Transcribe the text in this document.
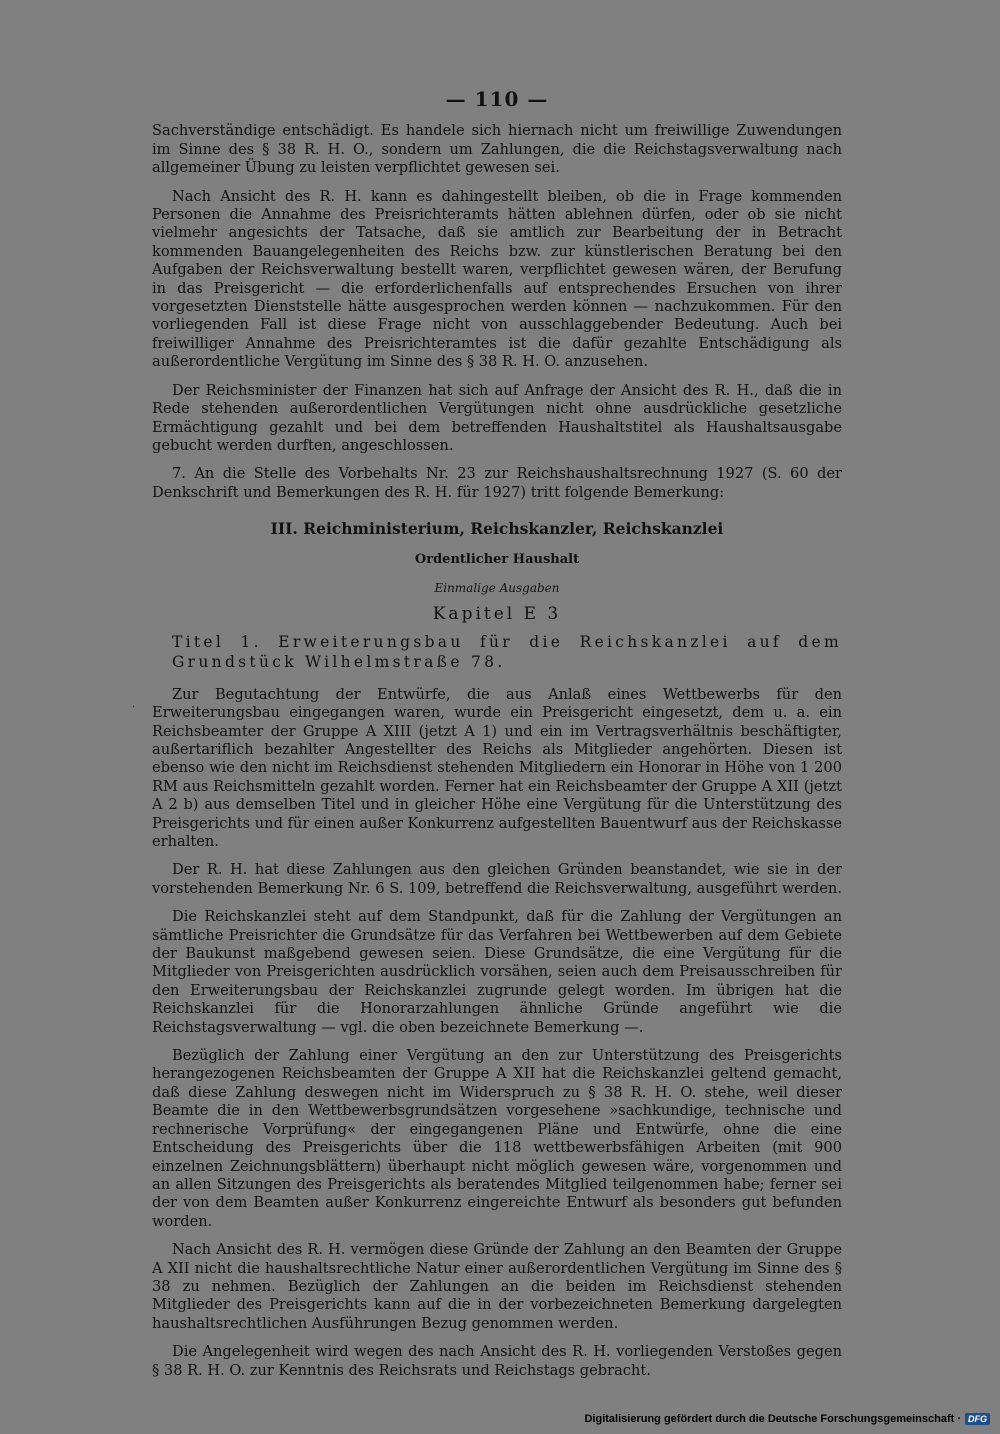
— 110 —

Sachverständige entschädigt. Es handele sich hiernach nicht um freiwillige Zuwendungen im Sinne des § 38 R. H. O., sondern um Zahlungen, die die Reichstagsverwaltung nach allgemeiner Übung zu leisten verpflichtet gewesen sei.

Nach Ansicht des R. H. kann es dahingestellt bleiben, ob die in Frage kommenden Personen die Annahme des Preisrichteramts hätten ablehnen dürfen, oder ob sie nicht vielmehr angesichts der Tatsache, daß sie amtlich zur Bearbeitung der in Betracht kommenden Bauangelegenheiten des Reichs bzw. zur künstlerischen Beratung bei den Aufgaben der Reichsverwaltung bestellt waren, verpflichtet gewesen wären, der Berufung in das Preisgericht — die erforderlichenfalls auf entsprechendes Ersuchen von ihrer vorgesetzten Dienststelle hätte ausgesprochen werden können — nachzukommen. Für den vorliegenden Fall ist diese Frage nicht von ausschlaggebender Bedeutung. Auch bei freiwilliger Annahme des Preisrichteramtes ist die dafür gezahlte Entschädigung als außerordentliche Vergütung im Sinne des § 38 R. H. O. anzusehen.

Der Reichsminister der Finanzen hat sich auf Anfrage der Ansicht des R. H., daß die in Rede stehenden außerordentlichen Vergütungen nicht ohne ausdrückliche gesetzliche Ermächtigung gezahlt und bei dem betreffenden Haushaltstitel als Haushaltsausgabe gebucht werden durften, angeschlossen.

7. An die Stelle des Vorbehalts Nr. 23 zur Reichshaushaltsrechnung 1927 (S. 60 der Denkschrift und Bemerkungen des R. H. für 1927) tritt folgende Bemerkung:

III. Reichministerium, Reichskanzler, Reichskanzlei
Ordentlicher Haushalt
Einmalige Ausgaben
Kapitel E 3

Titel 1. Erweiterungsbau für die Reichskanzlei auf dem Grundstück Wilhelmstraße 78.

Zur Begutachtung der Entwürfe, die aus Anlaß eines Wettbewerbs für den Erweiterungsbau eingegangen waren, wurde ein Preisgericht eingesetzt, dem u. a. ein Reichsbeamter der Gruppe A XIII (jetzt A 1) und ein im Vertragsverhältnis beschäftigter, außertariflich bezahlter Angestellter des Reichs als Mitglieder angehörten. Diesen ist ebenso wie den nicht im Reichsdienst stehenden Mitgliedern ein Honorar in Höhe von 1 200 RM aus Reichsmitteln gezahlt worden. Ferner hat ein Reichsbeamter der Gruppe A XII (jetzt A 2 b) aus demselben Titel und in gleicher Höhe eine Vergütung für die Unterstützung des Preisgerichts und für einen außer Konkurrenz aufgestellten Bauentwurf aus der Reichskasse erhalten.

Der R. H. hat diese Zahlungen aus den gleichen Gründen beanstandet, wie sie in der vorstehenden Bemerkung Nr. 6 S. 109, betreffend die Reichsverwaltung, ausgeführt werden.

Die Reichskanzlei steht auf dem Standpunkt, daß für die Zahlung der Vergütungen an sämtliche Preisrichter die Grundsätze für das Verfahren bei Wettbewerben auf dem Gebiete der Baukunst maßgebend gewesen seien. Diese Grundsätze, die eine Vergütung für die Mitglieder von Preisgerichten ausdrücklich vorsähen, seien auch dem Preisausschreiben für den Erweiterungsbau der Reichskanzlei zugrunde gelegt worden. Im übrigen hat die Reichskanzlei für die Honorarzahlungen ähnliche Gründe angeführt wie die Reichstagsverwaltung — vgl. die oben bezeichnete Bemerkung —.

Bezüglich der Zahlung einer Vergütung an den zur Unterstützung des Preisgerichts herangezogenen Reichsbeamten der Gruppe A XII hat die Reichskanzlei geltend gemacht, daß diese Zahlung deswegen nicht im Widerspruch zu § 38 R. H. O. stehe, weil dieser Beamte die in den Wettbewerbsgrundsätzen vorgesehene »sachkundige, technische und rechnerische Vorprüfung« der eingegangenen Pläne und Entwürfe, ohne die eine Entscheidung des Preisgerichts über die 118 wettbewerbsfähigen Arbeiten (mit 900 einzelnen Zeichnungsblättern) überhaupt nicht möglich gewesen wäre, vorgenommen und an allen Sitzungen des Preisgerichts als beratendes Mitglied teilgenommen habe; ferner sei der von dem Beamten außer Konkurrenz eingereichte Entwurf als besonders gut befunden worden.

Nach Ansicht des R. H. vermögen diese Gründe der Zahlung an den Beamten der Gruppe A XII nicht die haushaltsrechtliche Natur einer außerordentlichen Vergütung im Sinne des § 38 zu nehmen. Bezüglich der Zahlungen an die beiden im Reichsdienst stehenden Mitglieder des Preisgerichts kann auf die in der vorbezeichneten Bemerkung dargelegten haushaltsrechtlichen Ausführungen Bezug genommen werden.

Die Angelegenheit wird wegen des nach Ansicht des R. H. vorliegenden Verstoßes gegen § 38 R. H. O. zur Kenntnis des Reichsrats und Reichstags gebracht.

·
Digitalisierung gefördert durch die Deutsche Forschungsgemeinschaft · DFG
